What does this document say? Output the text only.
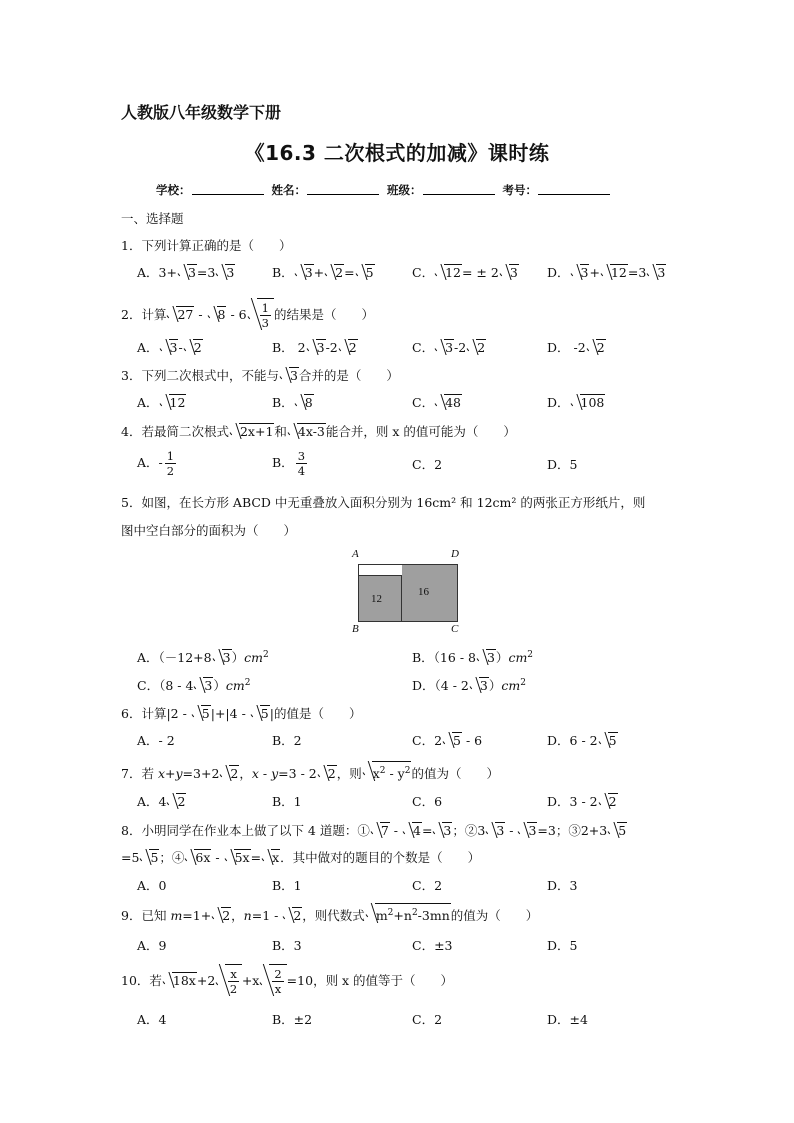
人教版八年级数学下册
《16.3 二次根式的加减》课时练
学校：	姓名：	班级：	考号：
一、选择题
1．下列计算正确的是（　　）
A．3+ 3=3 3	B． 3+ 2= 5	C． 12= ± 2 3 D． 3+ 12=3 3
2．计算 $27 - 8 - 6 \frac{1}{3}$ 的结果是（　　）
A． 3- 2	B． 2 3-2 2	C． 3-2 2	D． -2 2
3．下列二次根式中，不能与 3合并的是（　　）
A． 12	B． 8	C． 48	D． 108
4．若最简二次根式 2x+1和 4x-3能合并，则 x 的值可能为（　　）
A．- $\frac{1}{2}$	B． $\frac{3}{4}$	C．2	D．5
5．如图，在长方形 ABCD 中无重叠放入面积分别为 16cm² 和 12cm² 的两张正方形纸片，则
图中空白部分的面积为（　　）
A	D
B	C
12
16
A．（－12+8 $3)cm^2$	B．（16 - 8 $3)cm^2$
C．（8 - 4 $3)cm^2$	D．（4 - 2 $3)cm^2$
6．计算|2 - 5|+|4 - 5|的值是（　　）
A．- 2	B．2	C．2 5 - 6	D．6 - 2 5
7．若 x+y=3+2 2，x - y=3 - 2 2，则 $x^2 - y^2$的值为（　　）
A．4 2	B．1	C．6	D．3 - 2 2
8．小明同学在作业本上做了以下 4 道题：① 7 - 4= 3；②3 3 - 3=3；③2+3 5
=5 5；④ 6x - 5x= x．其中做对的题目的个数是（　　）
A．0	B．1	C．2	D．3
9．已知 m=1+ 2，n=1 - 2，则代数式 $m^2+n^2-3mn$的值为（　　）
A．9	B．3	C．±3	D．5
10．若 $18x+2 \frac{x}{2} +x \frac{2}{x} =10$，则 x 的值等于（　　）
A．4	B．±2	C．2	D．±4
